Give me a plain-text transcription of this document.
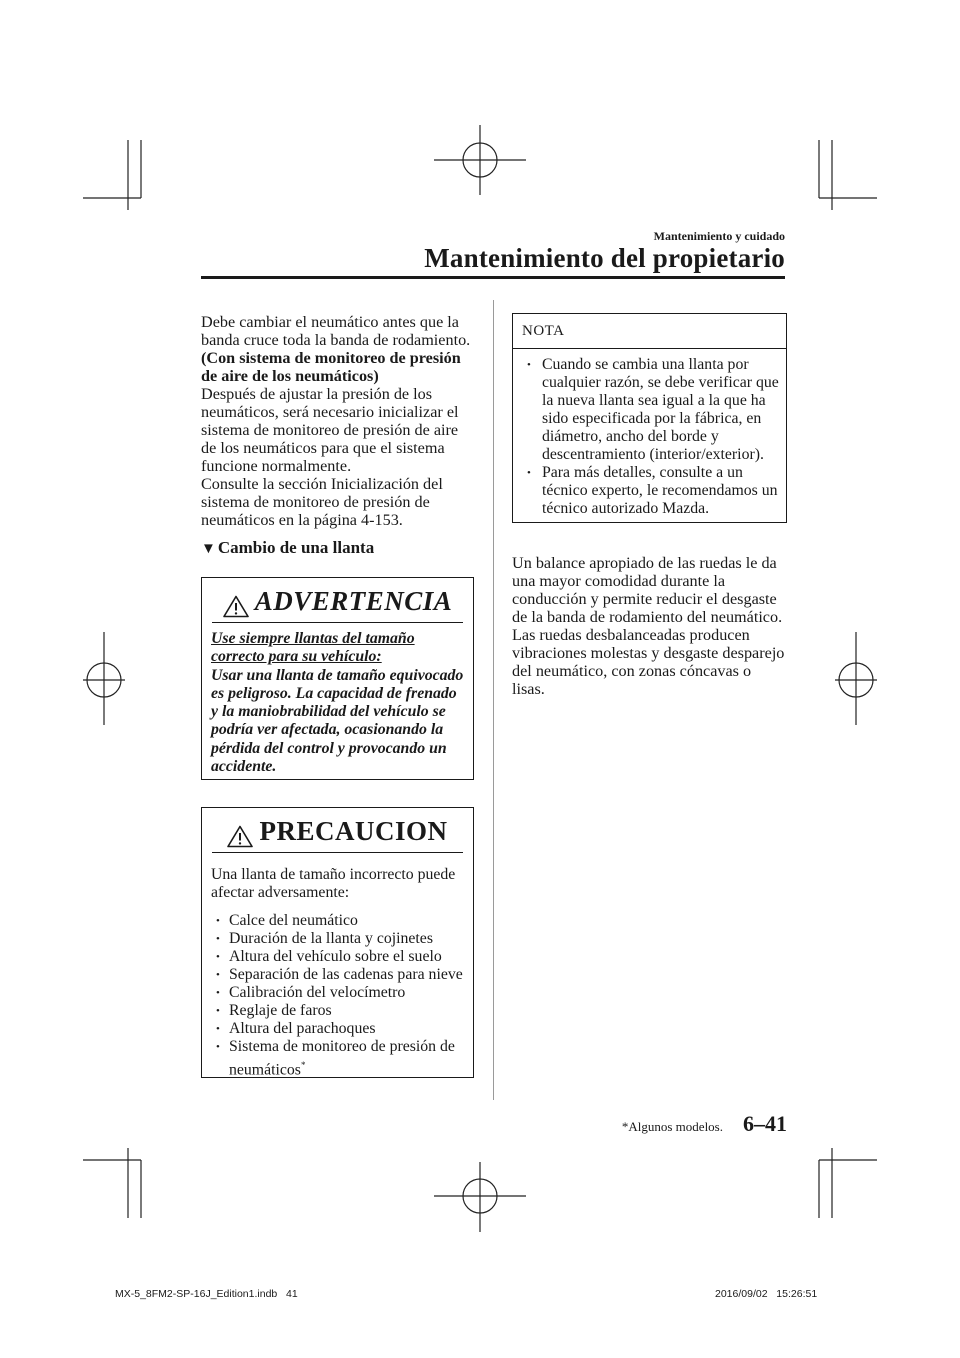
Mantenimiento y cuidado
Mantenimiento del propietario

Debe cambiar el neumático antes que la banda cruce toda la banda de rodamiento.

(Con sistema de monitoreo de presión de aire de los neumáticos)

Después de ajustar la presión de los neumáticos, será necesario inicializar el sistema de monitoreo de presión de aire de los neumáticos para que el sistema funcione normalmente.

Consulte la sección Inicialización del sistema de monitoreo de presión de neumáticos en la página 4-153.

▼ Cambio de una llanta
ADVERTENCIA
Use siempre llantas del tamaño correcto para su vehículo:
Usar una llanta de tamaño equivocado es peligroso. La capacidad de frenado y la maniobrabilidad del vehículo se podría ver afectada, ocasionando la pérdida del control y provocando un accidente.
PRECAUCION
Una llanta de tamaño incorrecto puede afectar adversamente:
• Calce del neumático
• Duración de la llanta y cojinetes
• Altura del vehículo sobre el suelo
• Separación de las cadenas para nieve
• Calibración del velocímetro
• Reglaje de faros
• Altura del parachoques
• Sistema de monitoreo de presión de neumáticos*
NOTA
• Cuando se cambia una llanta por cualquier razón, se debe verificar que la nueva llanta sea igual a la que ha sido especificada por la fábrica, en diámetro, ancho del borde y descentramiento (interior/exterior).
• Para más detalles, consulte a un técnico experto, le recomendamos un técnico autorizado Mazda.
Un balance apropiado de las ruedas le da una mayor comodidad durante la conducción y permite reducir el desgaste de la banda de rodamiento del neumático. Las ruedas desbalanceadas producen vibraciones molestas y desgaste desparejo del neumático, con zonas cóncavas o lisas.
*Algunos modelos. 6–41
MX-5_8FM2-SP-16J_Edition1.indb   41	2016/09/02   15:26:51
